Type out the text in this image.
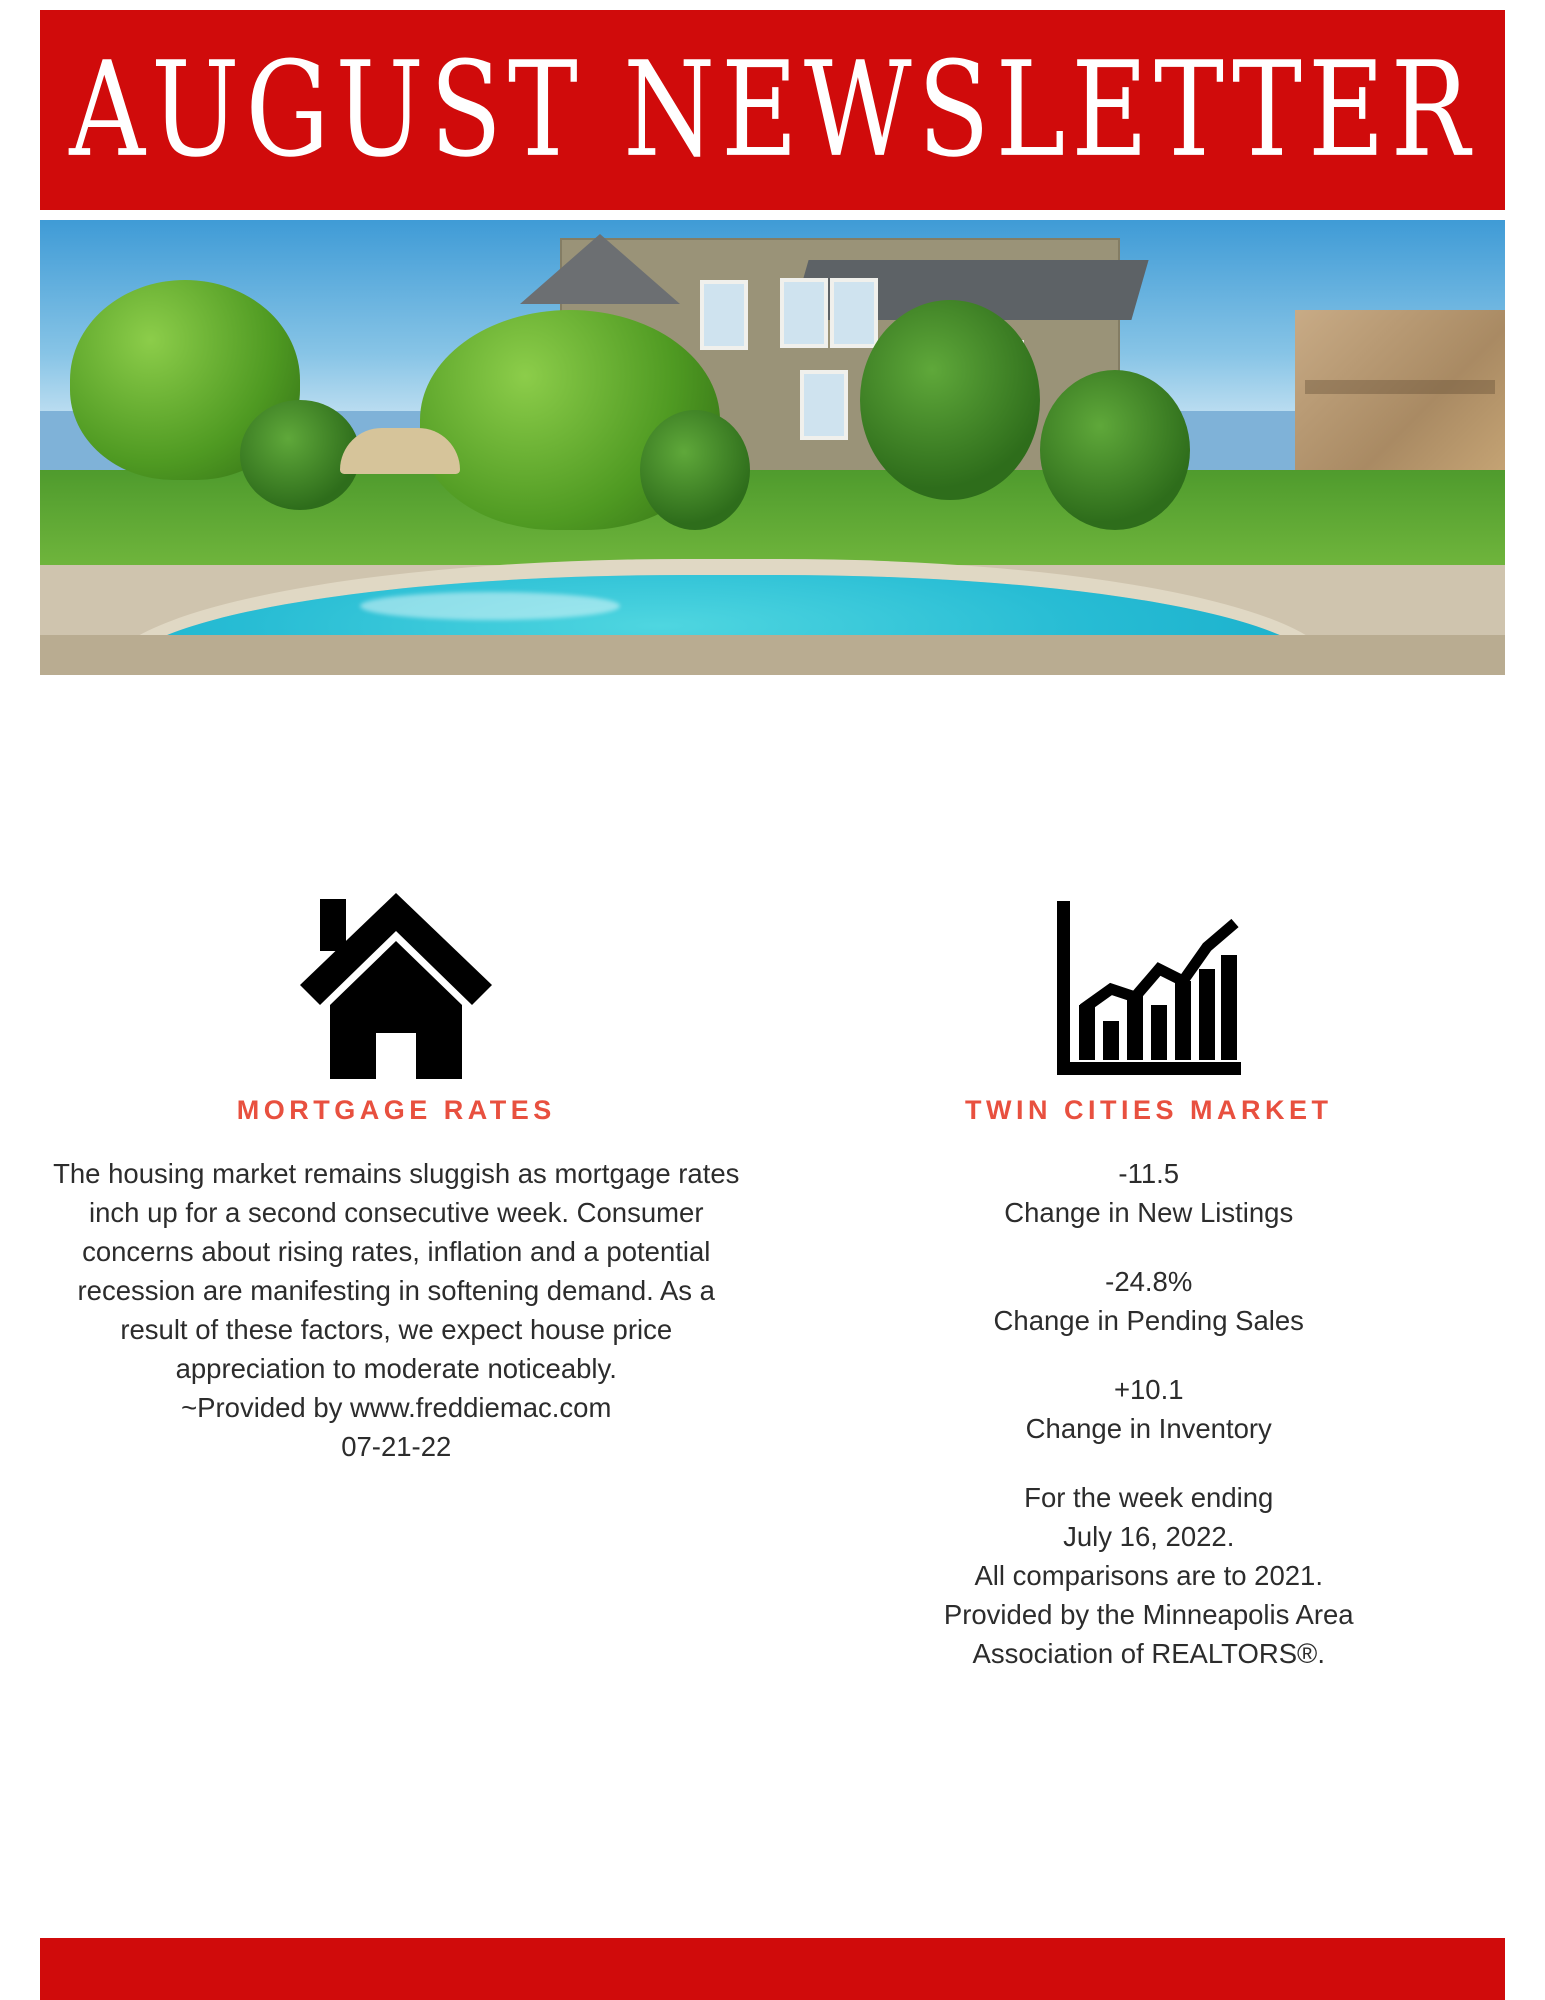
AUGUST NEWSLETTER
MORTGAGE RATES

The housing market remains sluggish as mortgage rates inch up for a second consecutive week. Consumer concerns about rising rates, inflation and a potential recession are manifesting in softening demand. As a result of these factors, we expect house price appreciation to moderate noticeably.

~Provided by www.freddiemac.com

07-21-22

TWIN CITIES MARKET

-11.5

Change in New Listings

-24.8%

Change in Pending Sales

+10.1

Change in Inventory

For the week ending

July 16, 2022.

All comparisons are to 2021.

Provided by the Minneapolis Area

Association of REALTORS®.
